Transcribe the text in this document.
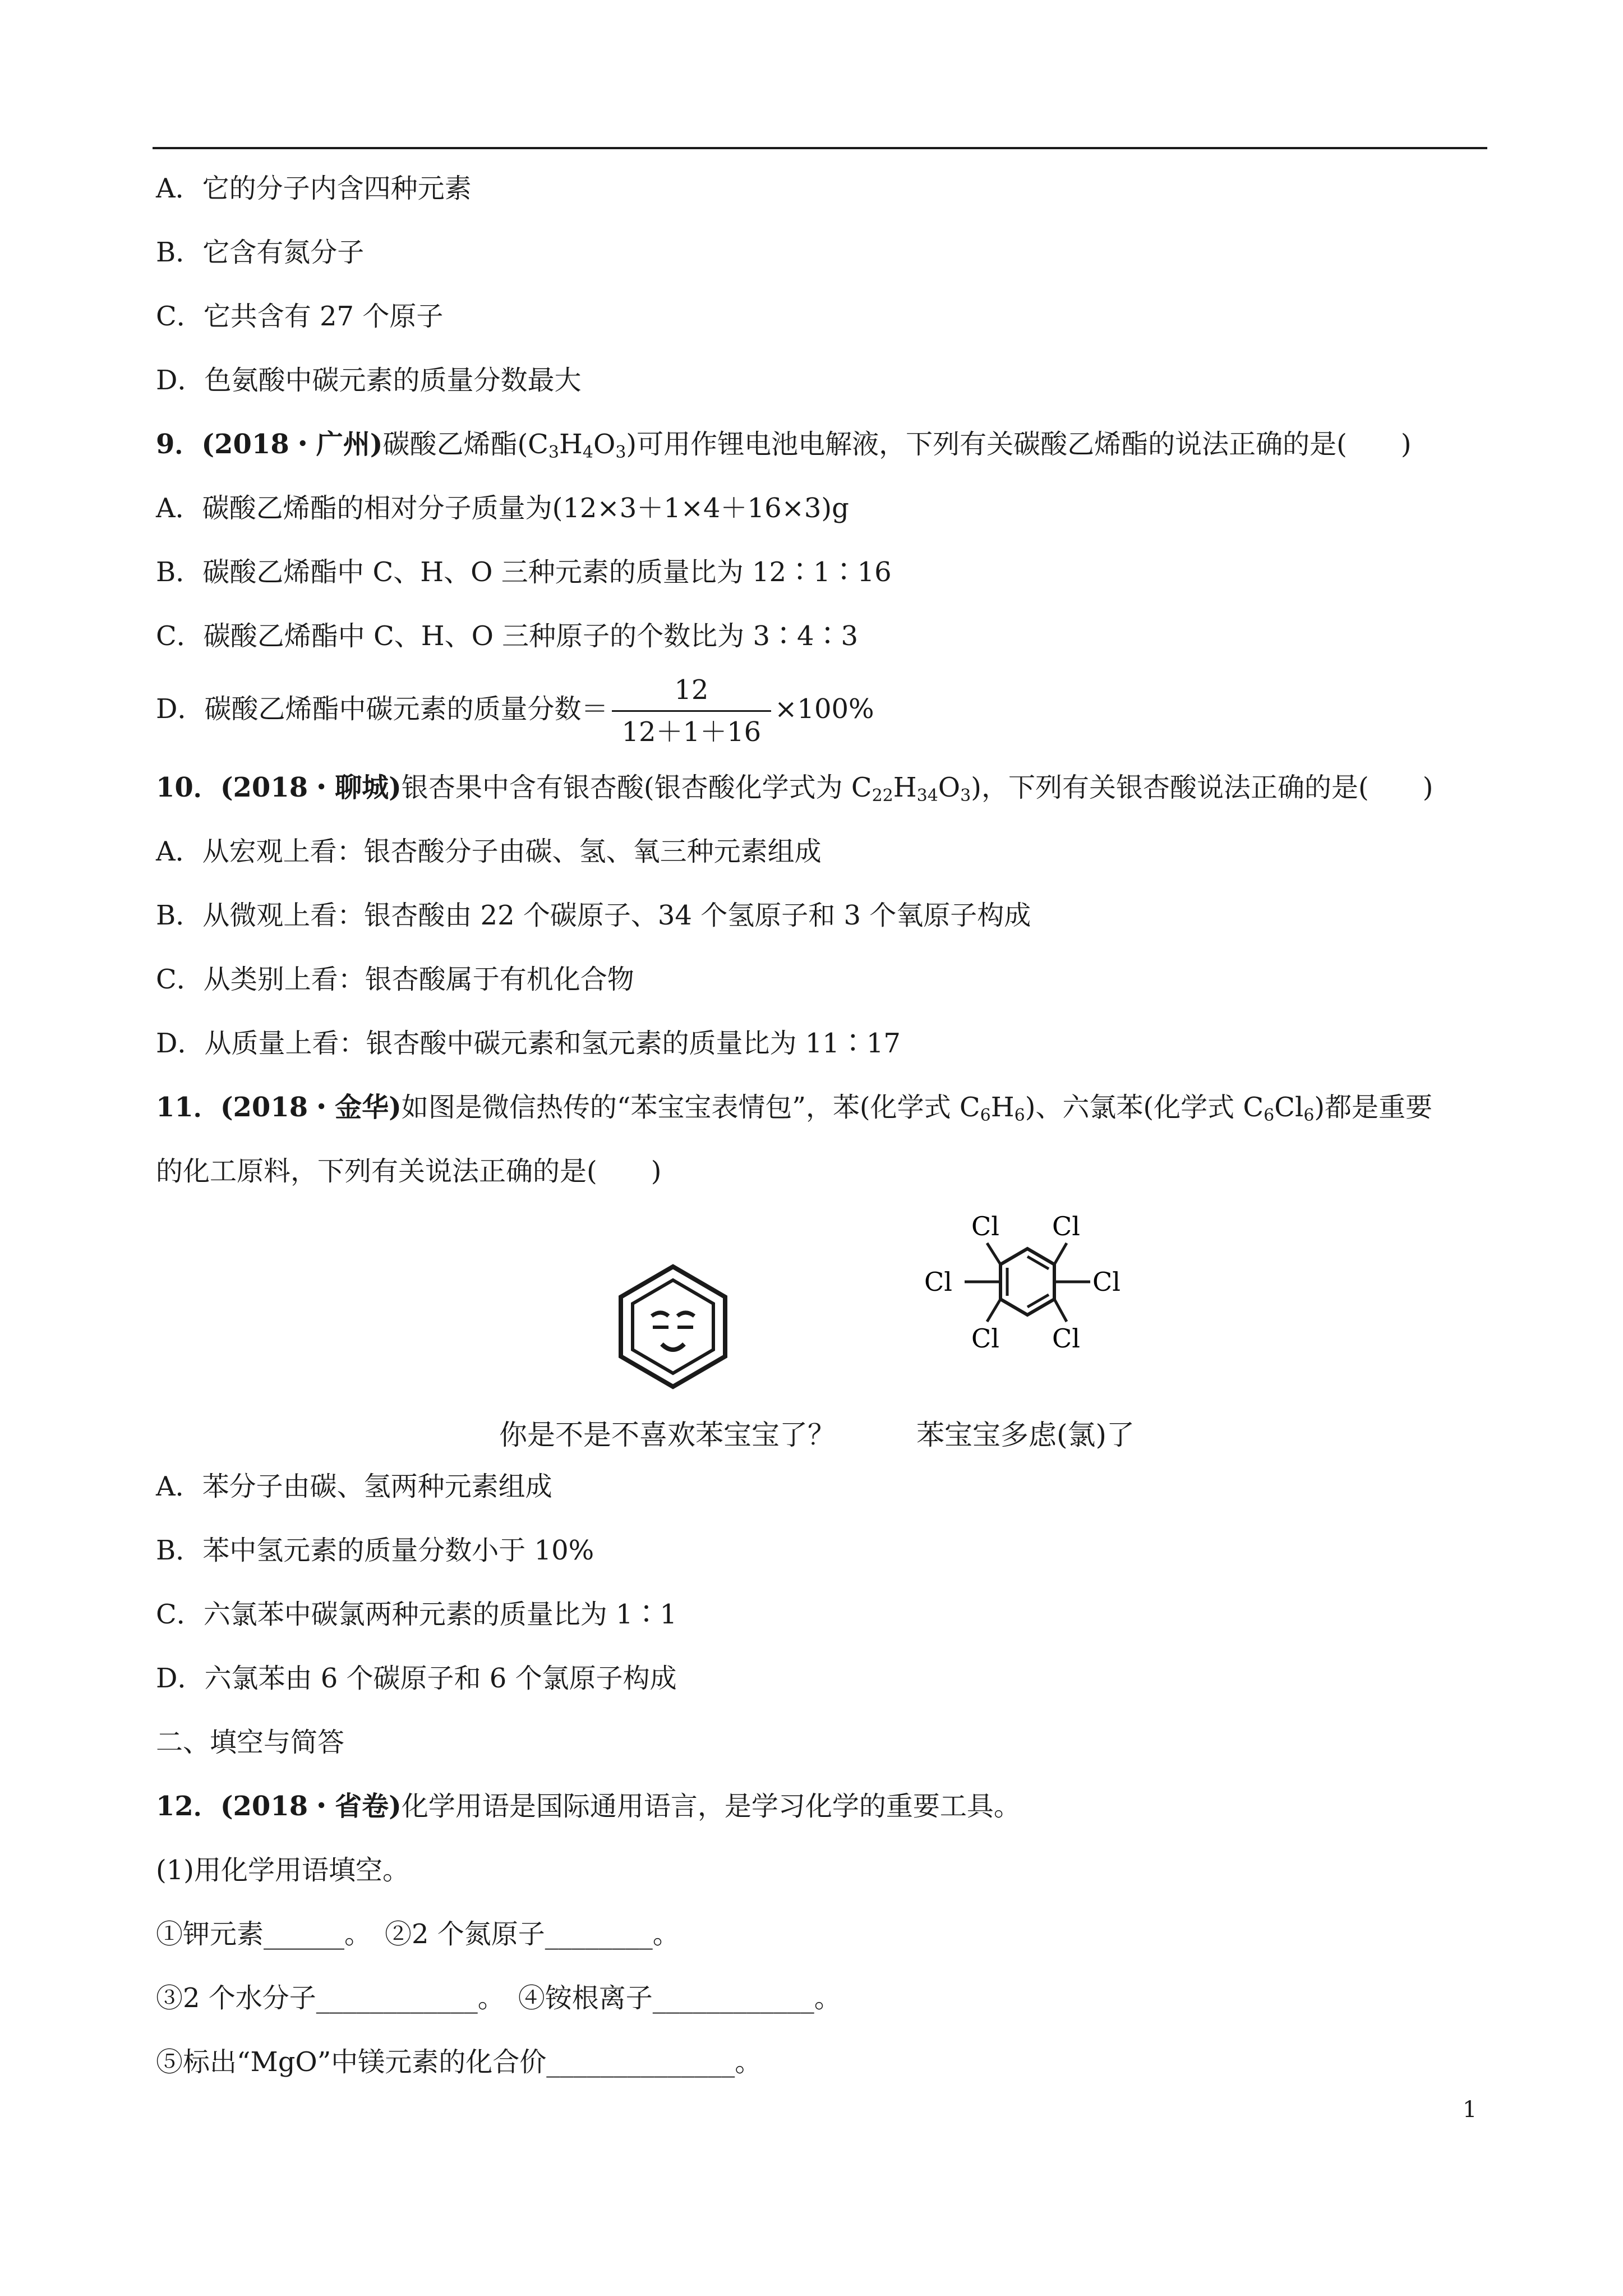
A．它的分子内含四种元素
B．它含有氮分子
C．它共含有 27 个原子
D．色氨酸中碳元素的质量分数最大
9．(2018・广州)碳酸乙烯酯$(C_3H_4O_3)$可用作锂电池电解液，下列有关碳酸乙烯酯的说法正确的是(　　)
A．碳酸乙烯酯的相对分子质量为(12×3＋1×4＋16×3)g
B．碳酸乙烯酯中 C、H、O 三种元素的质量比为 12∶1∶16
C．碳酸乙烯酯中 C、H、O 三种原子的个数比为 3∶4∶3
D．碳酸乙烯酯中碳元素的质量分数＝ $\frac{12}{12+1+16} \times 100\%$
10．(2018・聊城)银杏果中含有银杏酸(银杏酸化学式为 $C_{22}H_{34}O_3$)，下列有关银杏酸说法正确的是(　　)
A．从宏观上看：银杏酸分子由碳、氢、氧三种元素组成
B．从微观上看：银杏酸由 22 个碳原子、34 个氢原子和 3 个氧原子构成
C．从类别上看：银杏酸属于有机化合物
D．从质量上看：银杏酸中碳元素和氢元素的质量比为 11∶17
11．(2018・金华)如图是微信热传的“苯宝宝表情包”，苯(化学式 $C_6H_6$)、六氯苯(化学式 $C_6Cl_6$)都是重要
的化工原料，下列有关说法正确的是(　　)
Cl Cl
Cl	Cl
Cl Cl
你是不是不喜欢苯宝宝了？	苯宝宝多虑(氯)了
A．苯分子由碳、氢两种元素组成
B．苯中氢元素的质量分数小于 10%
C．六氯苯中碳氯两种元素的质量比为 1∶1
D．六氯苯由 6 个碳原子和 6 个氯原子构成
二、填空与简答
12．(2018・省卷)化学用语是国际通用语言，是学习化学的重要工具。
(1)用化学用语填空。
①钾元素______。　②2 个氮原子________。
③2 个水分子____________。　④铵根离子____________。
⑤标出“MgO”中镁元素的化合价______________。
1
